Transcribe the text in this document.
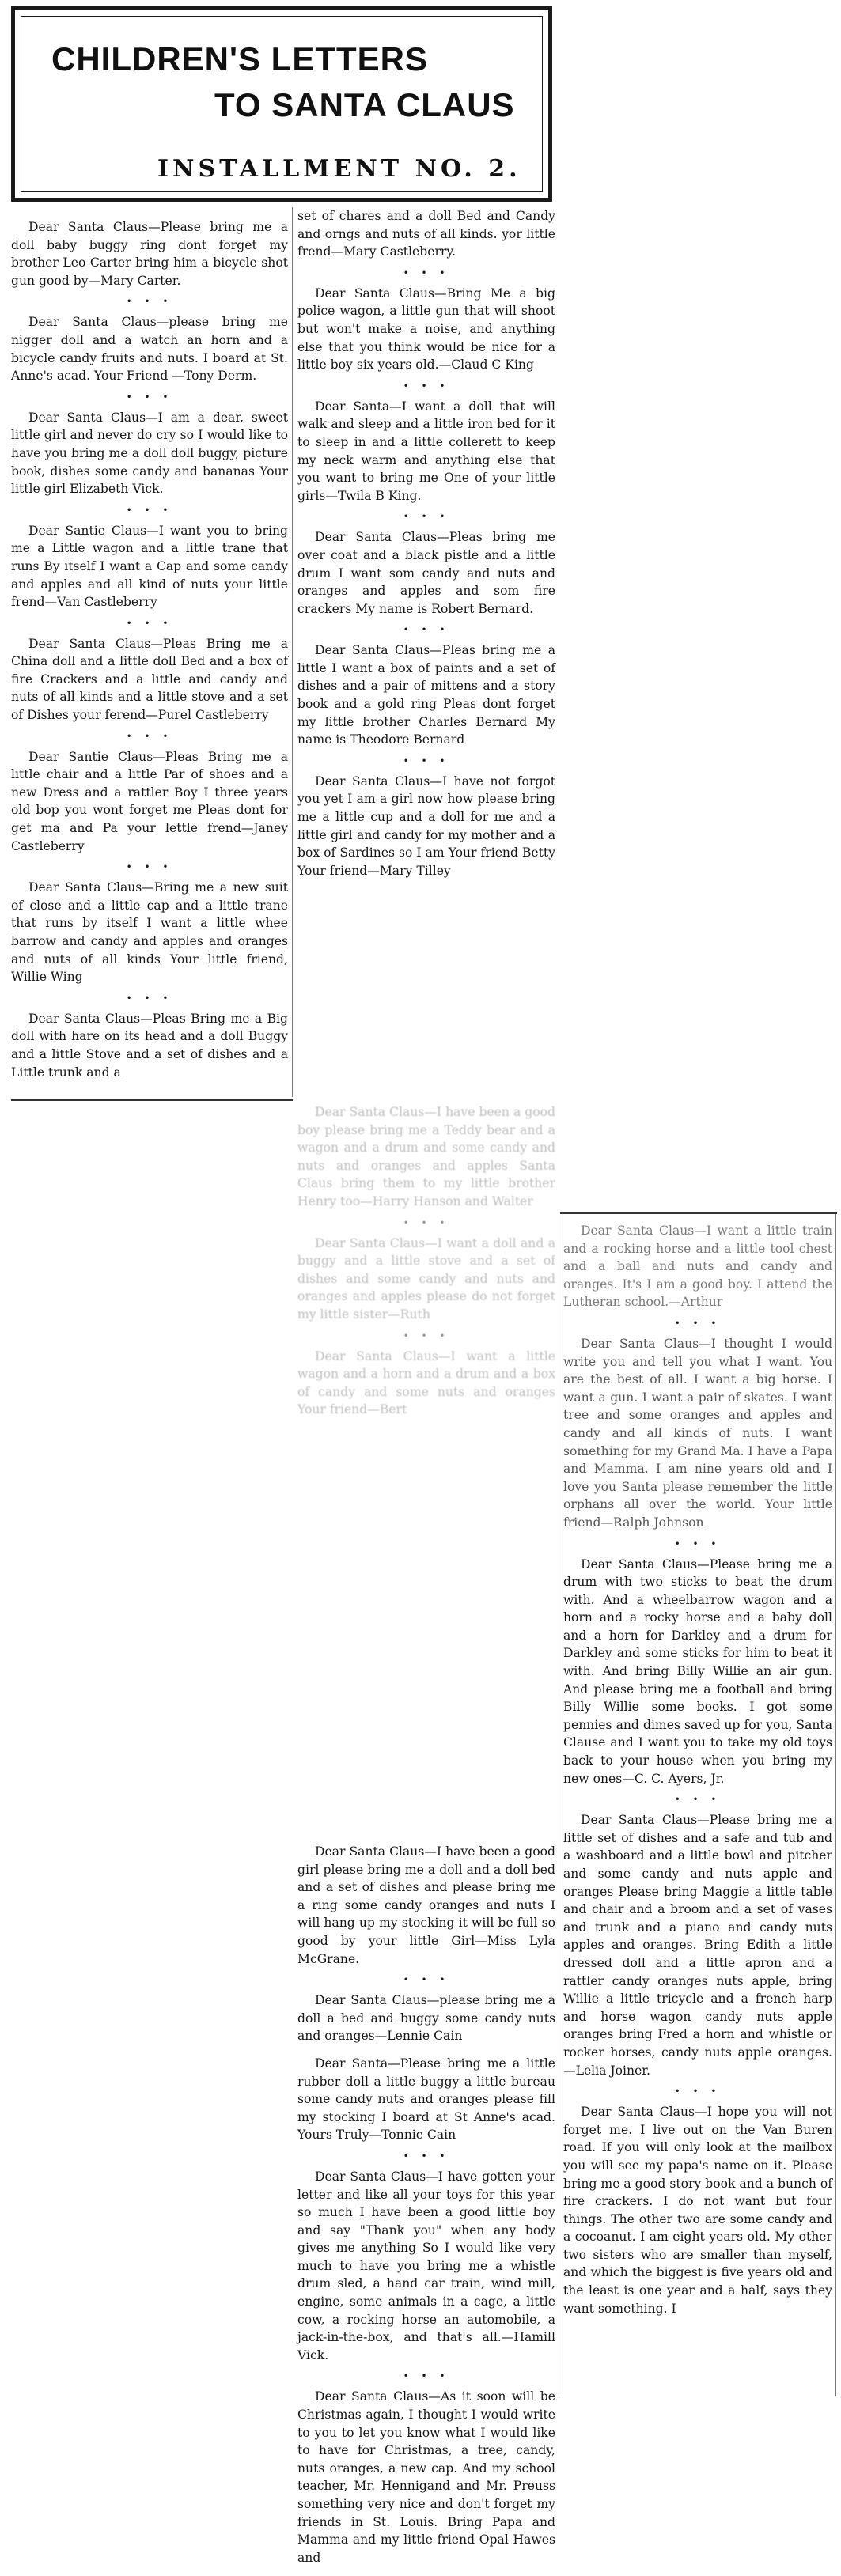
CHILDREN'S LETTERS
TO SANTA CLAUS
INSTALLMENT NO. 2.

Dear Santa Claus—Please bring me a doll baby buggy ring dont forget my brother Leo Carter bring him a bicycle shot gun good by—Mary Carter.

• • •

Dear Santa Claus—please bring me nigger doll and a watch an horn and a bicycle candy fruits and nuts. I board at St. Anne's acad. Your Friend —Tony Derm.

• • •

Dear Santa Claus—I am a dear, sweet little girl and never do cry so I would like to have you bring me a doll doll buggy, picture book, dishes some candy and bananas Your little girl Elizabeth Vick.

• • •

Dear Santie Claus—I want you to bring me a Little wagon and a little trane that runs By itself I want a Cap and some candy and apples and all kind of nuts your little frend—Van Castleberry

• • •

Dear Santa Claus—Pleas Bring me a China doll and a little doll Bed and a box of fire Crackers and a little and candy and nuts of all kinds and a little stove and a set of Dishes your ferend—Purel Castleberry

• • •

Dear Santie Claus—Pleas Bring me a little chair and a little Par of shoes and a new Dress and a rattler Boy I three years old bop you wont forget me Pleas dont for get ma and Pa your lettle frend—Janey Castleberry

• • •

Dear Santa Claus—Bring me a new suit of close and a little cap and a little trane that runs by itself I want a little whee barrow and candy and apples and oranges and nuts of all kinds Your little friend, Willie Wing

• • •

Dear Santa Claus—Pleas Bring me a Big doll with hare on its head and a doll Buggy and a little Stove and a set of dishes and a Little trunk and a

set of chares and a doll Bed and Candy and orngs and nuts of all kinds. yor little frend—Mary Castleberry.

• • •

Dear Santa Claus—Bring Me a big police wagon, a little gun that will shoot but won't make a noise, and anything else that you think would be nice for a little boy six years old.—Claud C King

• • •

Dear Santa—I want a doll that will walk and sleep and a little iron bed for it to sleep in and a little collerett to keep my neck warm and anything else that you want to bring me One of your little girls—Twila B King.

• • •

Dear Santa Claus—Pleas bring me over coat and a black pistle and a little drum I want som candy and nuts and oranges and apples and som fire crackers My name is Robert Bernard.

• • •

Dear Santa Claus—Pleas bring me a little I want a box of paints and a set of dishes and a pair of mittens and a story book and a gold ring Pleas dont forget my little brother Charles Bernard My name is Theodore Bernard

• • •

Dear Santa Claus—I have not forgot you yet I am a girl now how please bring me a little cup and a doll for me and a little girl and candy for my mother and a box of Sardines so I am Your friend Betty Your friend—Mary Tilley

Dear Santa Claus—I have been a good boy please bring me a Teddy bear and a wagon and a drum and some candy and nuts and oranges and apples Santa Claus bring them to my little brother Henry too—Harry Hanson and Walter

• • •

Dear Santa Claus—I want a doll and a buggy and a little stove and a set of dishes and some candy and nuts and oranges and apples please do not forget my little sister—Ruth

• • •

Dear Santa Claus—I want a little wagon and a horn and a drum and a box of candy and some nuts and oranges Your friend—Bert

Dear Santa Claus—I have been a good girl please bring me a doll and a doll bed and a set of dishes and please bring me a ring some candy oranges and nuts I will hang up my stocking it will be full so good by your little Girl—Miss Lyla McGrane.

• • •

Dear Santa Claus—please bring me a doll a bed and buggy some candy nuts and oranges—Lennie Cain

Dear Santa—Please bring me a little rubber doll a little buggy a little bureau some candy nuts and oranges please fill my stocking I board at St Anne's acad. Yours Truly—Tonnie Cain

• • •

Dear Santa Claus—I have gotten your letter and like all your toys for this year so much I have been a good little boy and say "Thank you" when any body gives me anything So I would like very much to have you bring me a whistle drum sled, a hand car train, wind mill, engine, some animals in a cage, a little cow, a rocking horse an automobile, a jack-in-the-box, and that's all.—Hamill Vick.

• • •

Dear Santa Claus—As it soon will be Christmas again, I thought I would write to you to let you know what I would like to have for Christmas, a tree, candy, nuts oranges, a new cap. And my school teacher, Mr. Hennigand and Mr. Preuss something very nice and don't forget my friends in St. Louis. Bring Papa and Mamma and my little friend Opal Hawes and

Dear Santa Claus—I want a little train and a rocking horse and a little tool chest and a ball and nuts and candy and oranges. It's I am a good boy. I attend the Lutheran school.—Arthur

• • •

Dear Santa Claus—I thought I would write you and tell you what I want. You are the best of all. I want a big horse. I want a gun. I want a pair of skates. I want tree and some oranges and apples and candy and all kinds of nuts. I want something for my Grand Ma. I have a Papa and Mamma. I am nine years old and I love you Santa please remember the little orphans all over the world. Your little friend—Ralph Johnson

• • •

Dear Santa Claus—Please bring me a drum with two sticks to beat the drum with. And a wheelbarrow wagon and a horn and a rocky horse and a baby doll and a horn for Darkley and a drum for Darkley and some sticks for him to beat it with. And bring Billy Willie an air gun. And please bring me a football and bring Billy Willie some books. I got some pennies and dimes saved up for you, Santa Clause and I want you to take my old toys back to your house when you bring my new ones—C. C. Ayers, Jr.

• • •

Dear Santa Claus—Please bring me a little set of dishes and a safe and tub and a washboard and a little bowl and pitcher and some candy and nuts apple and oranges Please bring Maggie a little table and chair and a broom and a set of vases and trunk and a piano and candy nuts apples and oranges. Bring Edith a little dressed doll and a little apron and a rattler candy oranges nuts apple, bring Willie a little tricycle and a french harp and horse wagon candy nuts apple oranges bring Fred a horn and whistle or rocker horses, candy nuts apple oranges.—Lelia Joiner.

• • •

Dear Santa Claus—I hope you will not forget me. I live out on the Van Buren road. If you will only look at the mailbox you will see my papa's name on it. Please bring me a good story book and a bunch of fire crackers. I do not want but four things. The other two are some candy and a cocoanut. I am eight years old. My other two sisters who are smaller than myself, and which the biggest is five years old and the least is one year and a half, says they want something. I
